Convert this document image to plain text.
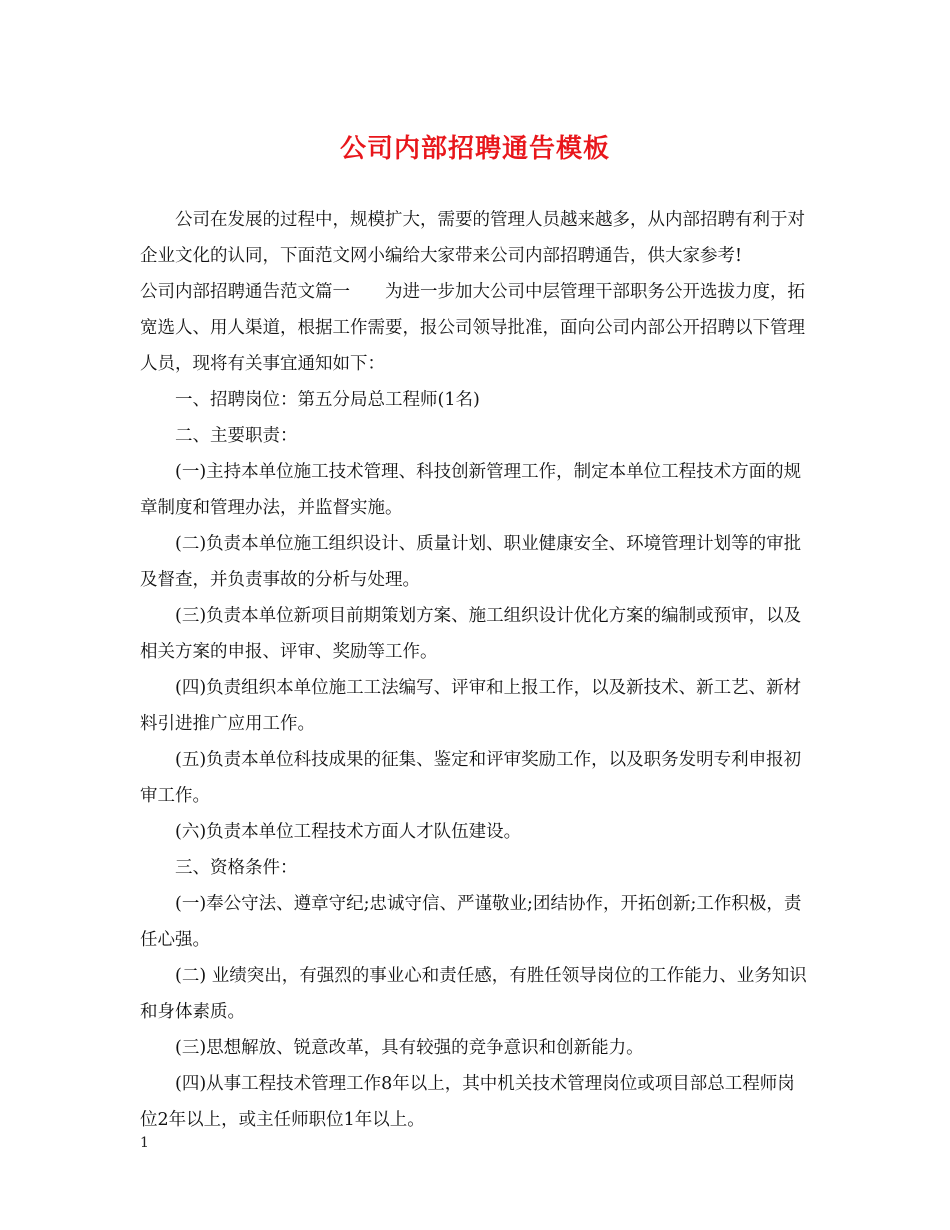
公司内部招聘通告模板

公司在发展的过程中，规模扩大，需要的管理人员越来越多，从内部招聘有利于对企业文化的认同，下面范文网小编给大家带来公司内部招聘通告，供大家参考!

公司内部招聘通告范文篇一　　为进一步加大公司中层管理干部职务公开选拔力度，拓宽选人、用人渠道，根据工作需要，报公司领导批准，面向公司内部公开招聘以下管理人员，现将有关事宜通知如下：

一、招聘岗位：第五分局总工程师(1名)

二、主要职责：

(一)主持本单位施工技术管理、科技创新管理工作，制定本单位工程技术方面的规章制度和管理办法，并监督实施。

(二)负责本单位施工组织设计、质量计划、职业健康安全、环境管理计划等的审批及督查，并负责事故的分析与处理。

(三)负责本单位新项目前期策划方案、施工组织设计优化方案的编制或预审，以及相关方案的申报、评审、奖励等工作。

(四)负责组织本单位施工工法编写、评审和上报工作，以及新技术、新工艺、新材料引进推广应用工作。

(五)负责本单位科技成果的征集、鉴定和评审奖励工作，以及职务发明专利申报初审工作。

(六)负责本单位工程技术方面人才队伍建设。

三、资格条件：

(一)奉公守法、遵章守纪;忠诚守信、严谨敬业;团结协作，开拓创新;工作积极，责任心强。

(二) 业绩突出，有强烈的事业心和责任感，有胜任领导岗位的工作能力、业务知识和身体素质。

(三)思想解放、锐意改革，具有较强的竞争意识和创新能力。

(四)从事工程技术管理工作8年以上，其中机关技术管理岗位或项目部总工程师岗位2年以上，或主任师职位1年以上。

1
